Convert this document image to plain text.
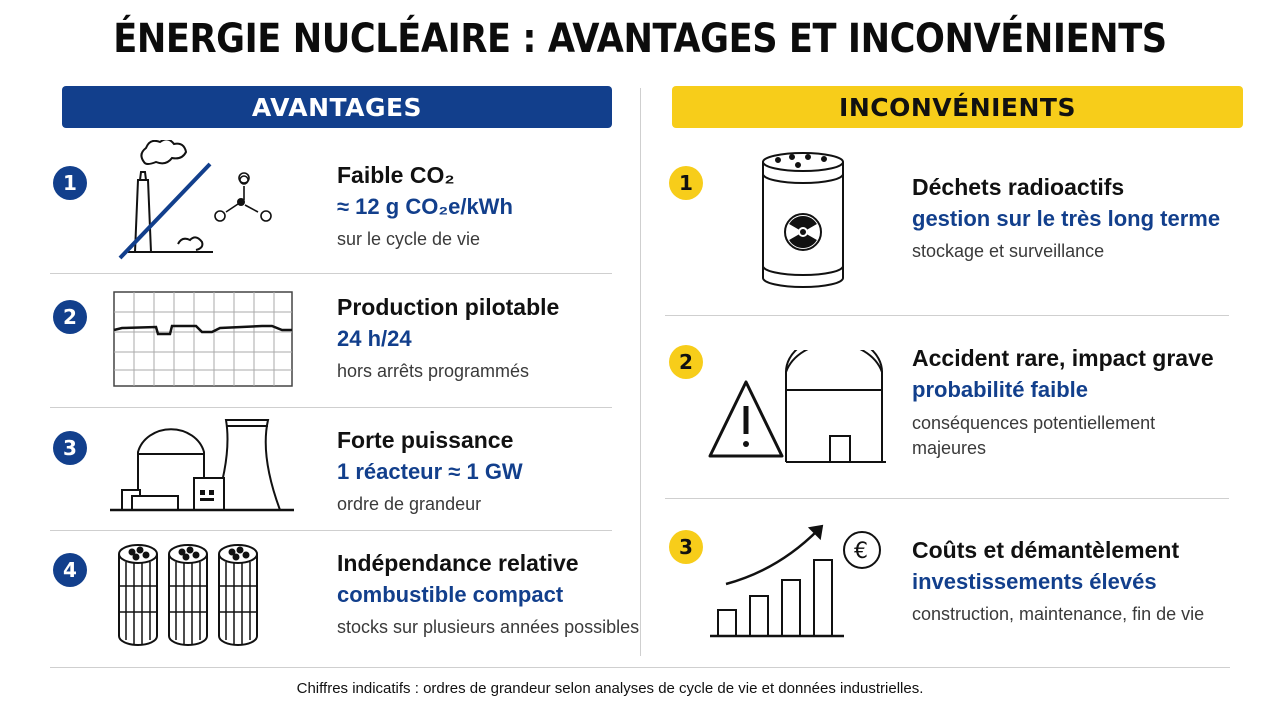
ÉNERGIE NUCLÉAIRE : AVANTAGES ET INCONVÉNIENTS
AVANTAGES	INCONVÉNIENTS
1	Faible CO₂
≈ 12 g CO₂e/kWh
sur le cycle de vie
2	Production pilotable
24 h/24
hors arrêts programmés
3	Forte puissance
1 réacteur ≈ 1 GW
ordre de grandeur
4	Indépendance relative
combustible compact
stocks sur plusieurs années possibles
1	Déchets radioactifs
gestion sur le très long terme
stockage et surveillance
2	Accident rare, impact grave
probabilité faible
conséquences potentiellement majeures
3	€ Coûts et démantèlement
investissements élevés
construction, maintenance, fin de vie
Chiffres indicatifs : ordres de grandeur selon analyses de cycle de vie et données industrielles.
